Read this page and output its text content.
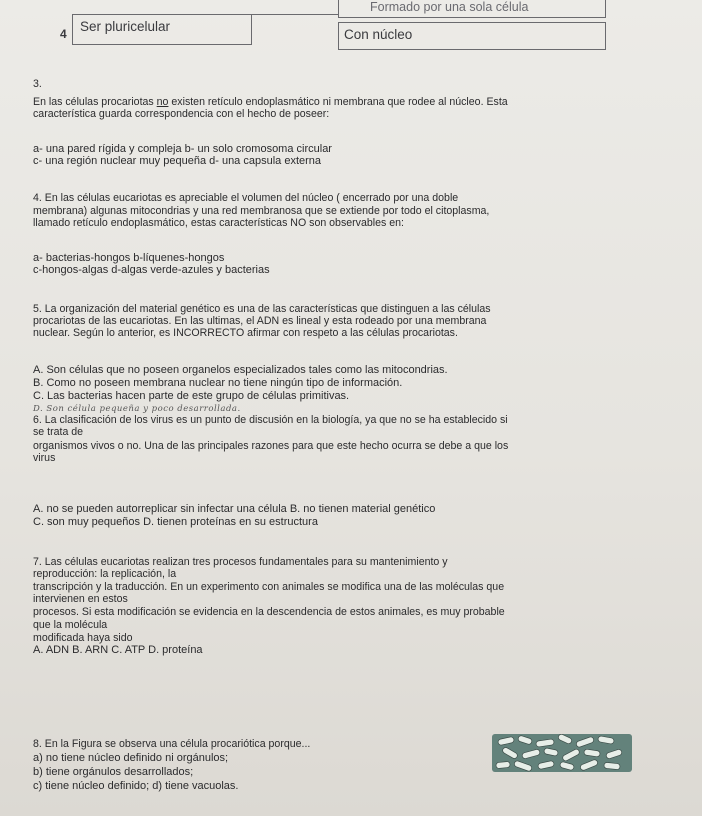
Formado por una sola célula
4 Ser pluricelular
Con núcleo
3.
En las células procariotas no existen retículo endoplasmático ni membrana que rodee al núcleo. Esta
característica guarda correspondencia con el hecho de poseer:
a- una pared rígida y compleja b- un solo cromosoma circular
c- una región nuclear muy pequeña d- una capsula externa
4. En las células eucariotas es apreciable el volumen del núcleo ( encerrado por una doble
membrana) algunas mitocondrias y una red membranosa que se extiende por todo el citoplasma,
llamado retículo endoplasmático, estas características NO son observables en:
a- bacterias-hongos b-líquenes-hongos
c-hongos-algas d-algas verde-azules y bacterias
5. La organización del material genético es una de las características que distinguen a las células
procariotas de las eucariotas. En las ultimas, el ADN es lineal y esta rodeado por una membrana
nuclear. Según lo anterior, es INCORRECTO afirmar con respeto a las células procariotas.
A. Son células que no poseen organelos especializados tales como las mitocondrias.
B. Como no poseen membrana nuclear no tiene ningún tipo de información.
C. Las bacterias hacen parte de este grupo de células primitivas.
D. Son célula pequeña y poco desarrollada.
6. La clasificación de los virus es un punto de discusión en la biología, ya que no se ha establecido si
se trata de
organismos vivos o no. Una de las principales razones para que este hecho ocurra se debe a que los
virus
A. no se pueden autorreplicar sin infectar una célula B. no tienen material genético
C. son muy pequeños D. tienen proteínas en su estructura
7. Las células eucariotas realizan tres procesos fundamentales para su mantenimiento y
reproducción: la replicación, la
transcripción y la traducción. En un experimento con animales se modifica una de las moléculas que
intervienen en estos
procesos. Si esta modificación se evidencia en la descendencia de estos animales, es muy probable
que la molécula
modificada haya sido
A. ADN B. ARN C. ATP D. proteína
8. En la Figura se observa una célula procariótica porque...
a) no tiene núcleo definido ni orgánulos;
b) tiene orgánulos desarrollados;
c) tiene núcleo definido; d) tiene vacuolas.
